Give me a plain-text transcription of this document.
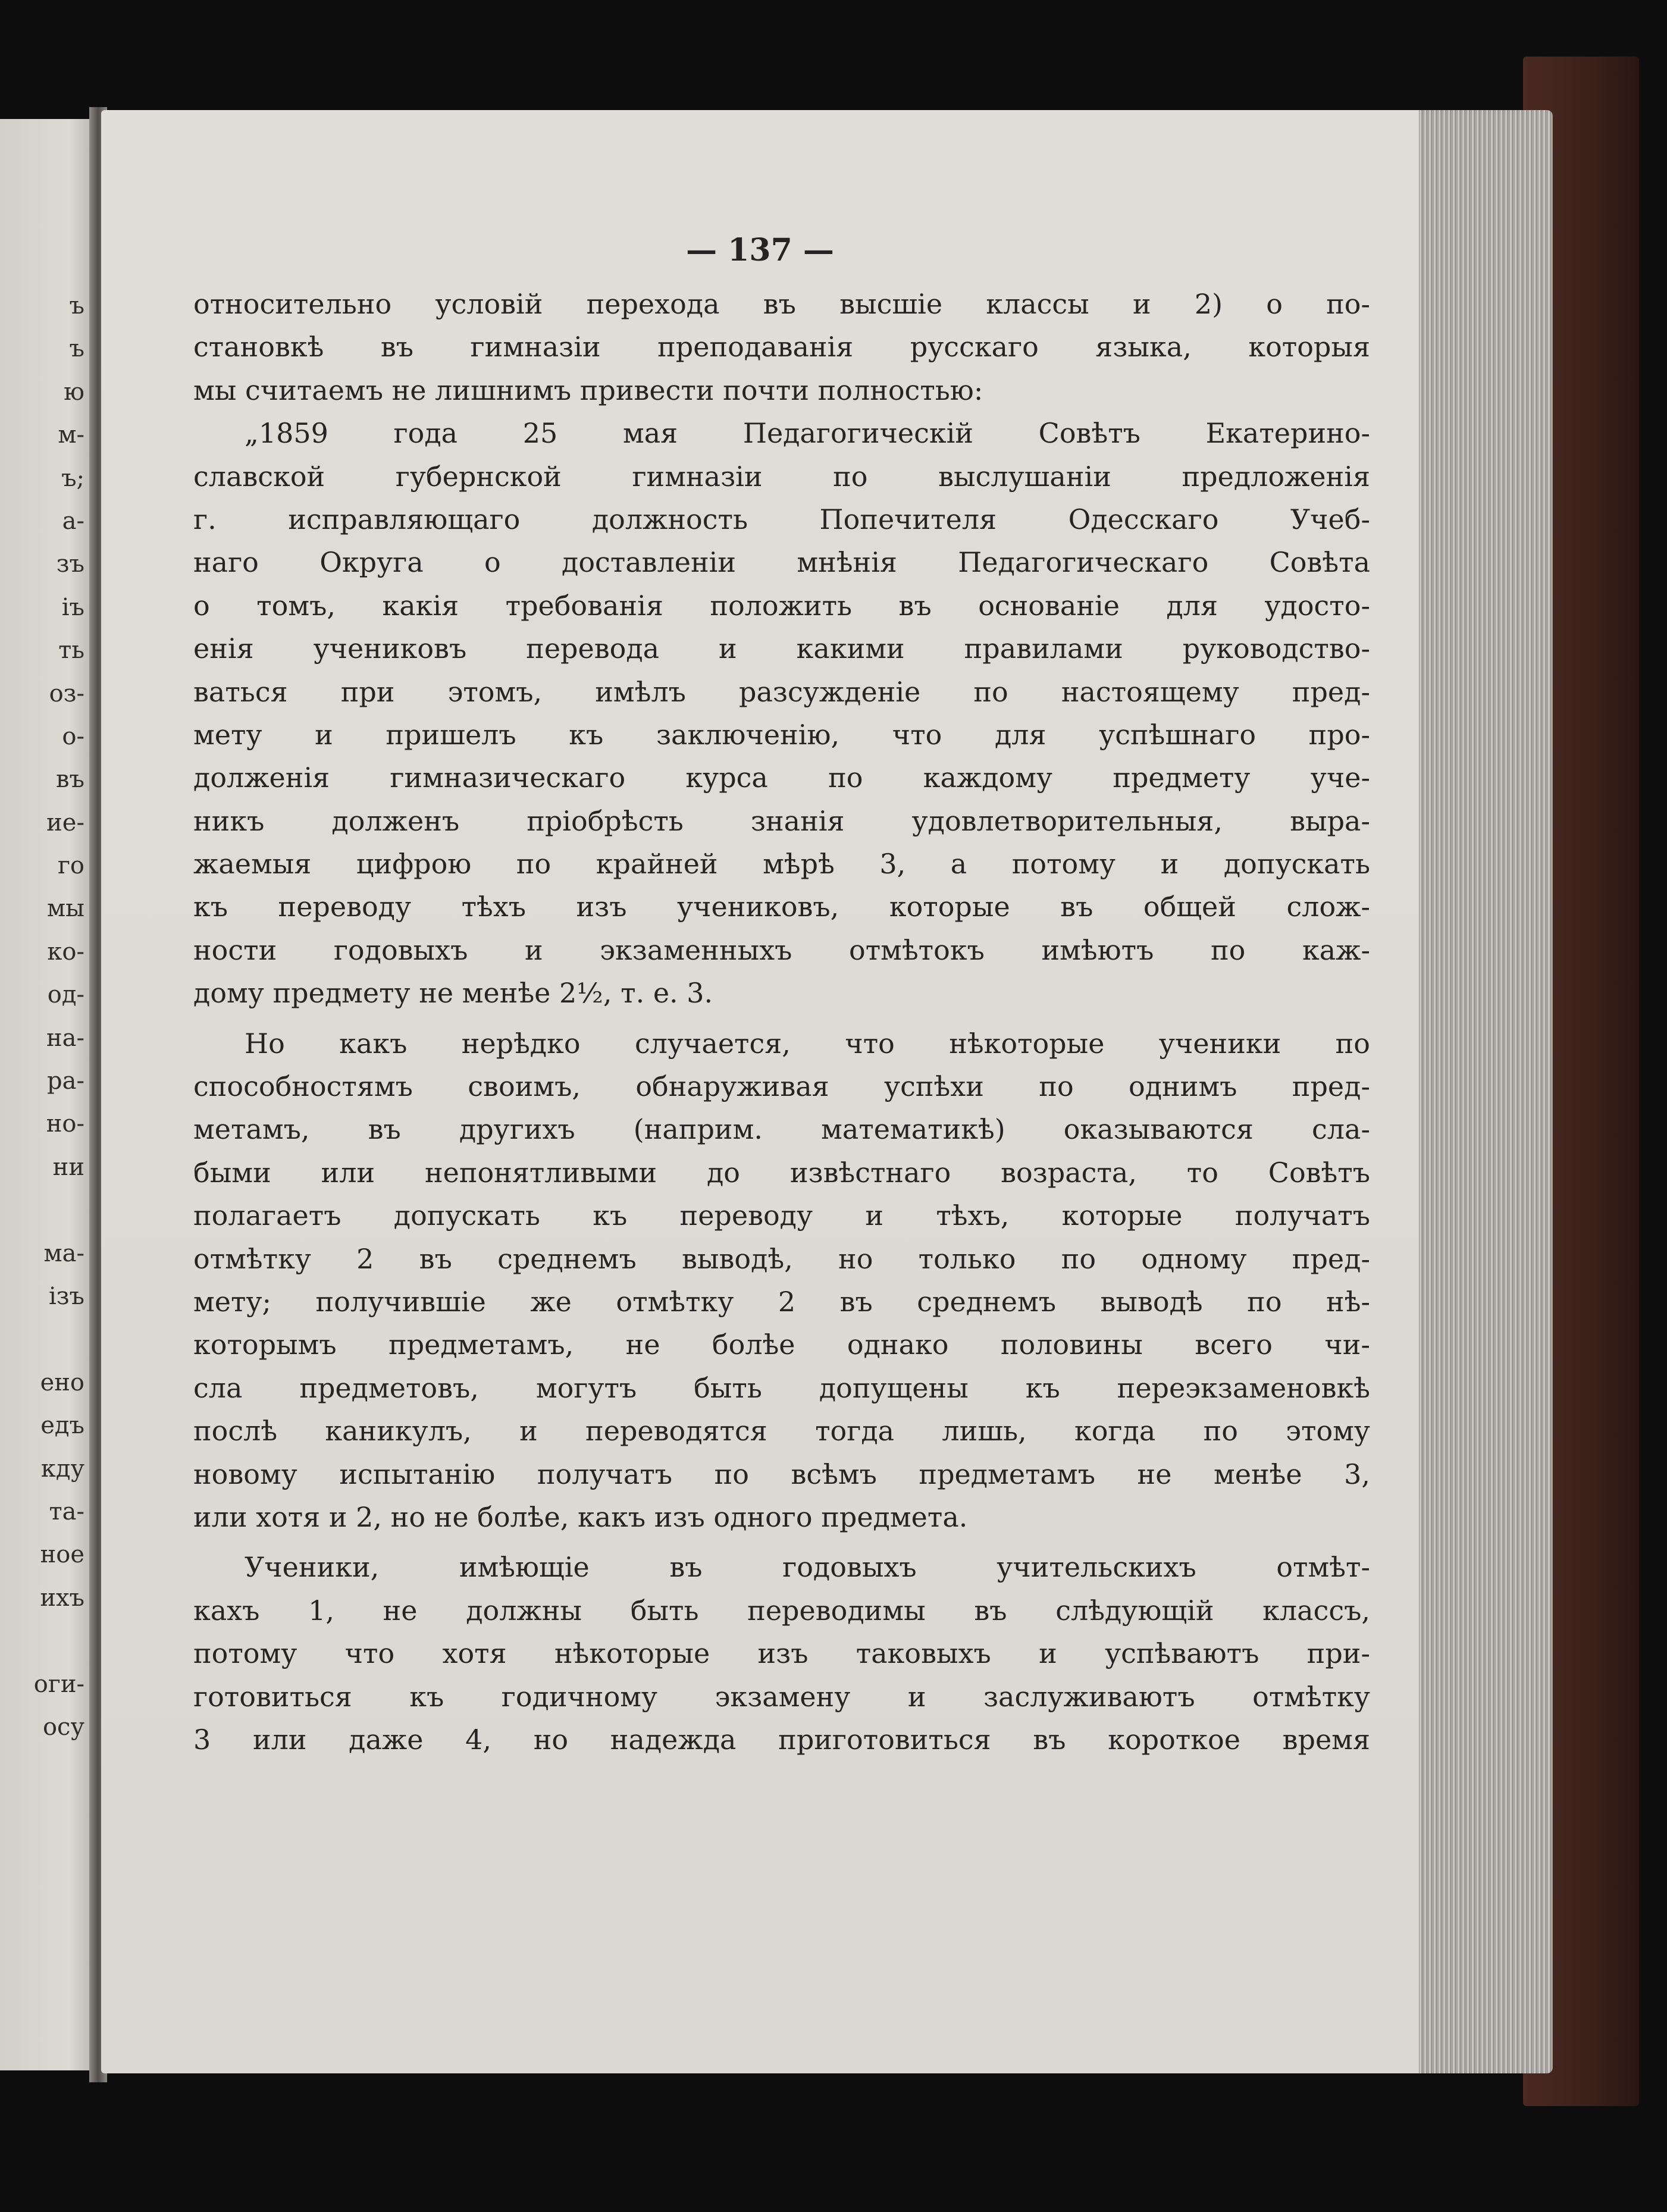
ъ
ъ
ю
м-
ъ;
а-
зъ
іъ
ть
оз-
о-
въ
ие-
го
мы
ко-
од-
на-
ра-
но-
ни
ма-
ізъ
ено
едъ
кду
та-
ное
ихъ
оги-
осу
— 137 —
относительно условій перехода въ высшіе классы и 2) о по-
становкѣ въ гимназіи преподаванія русскаго языка, которыя
мы считаемъ не лишнимъ привести почти полностью:
„1859 года 25 мая Педагогическій Совѣтъ Екатерино-
славской губернской гимназіи по выслушаніи предложенія
г. исправляющаго должность Попечителя Одесскаго Учеб-
наго Округа о доставленіи мнѣнія Педагогическаго Совѣта
о томъ, какія требованія положить въ основаніе для удосто-
енія учениковъ перевода и какими правилами руководство-
ваться при этомъ, имѣлъ разсужденіе по настоящему пред-
мету и пришелъ къ заключенію, что для успѣшнаго про-
долженія гимназическаго курса по каждому предмету уче-
никъ долженъ пріобрѣсть знанія удовлетворительныя, выра-
жаемыя цифрою по крайней мѣрѣ 3, а потому и допускать
къ переводу тѣхъ изъ учениковъ, которые въ общей слож-
ности годовыхъ и экзаменныхъ отмѣтокъ имѣютъ по каж-
дому предмету не менѣе 2½, т. е. 3.
Но какъ нерѣдко случается, что нѣкоторые ученики по
способностямъ своимъ, обнаруживая успѣхи по однимъ пред-
метамъ, въ другихъ (наприм. математикѣ) оказываются сла-
быми или непонятливыми до извѣстнаго возраста, то Совѣтъ
полагаетъ допускать къ переводу и тѣхъ, которые получатъ
отмѣтку 2 въ среднемъ выводѣ, но только по одному пред-
мету; получившіе же отмѣтку 2 въ среднемъ выводѣ по нѣ-
которымъ предметамъ, не болѣе однако половины всего чи-
сла предметовъ, могутъ быть допущены къ переэкзаменовкѣ
послѣ каникулъ, и переводятся тогда лишь, когда по этому
новому испытанію получатъ по всѣмъ предметамъ не менѣе 3,
или хотя и 2, но не болѣе, какъ изъ одного предмета.
Ученики, имѣющіе въ годовыхъ учительскихъ отмѣт-
кахъ 1, не должны быть переводимы въ слѣдующій классъ,
потому что хотя нѣкоторые изъ таковыхъ и успѣваютъ при-
готовиться къ годичному экзамену и заслуживаютъ отмѣтку
3 или даже 4, но надежда приготовиться въ короткое время
